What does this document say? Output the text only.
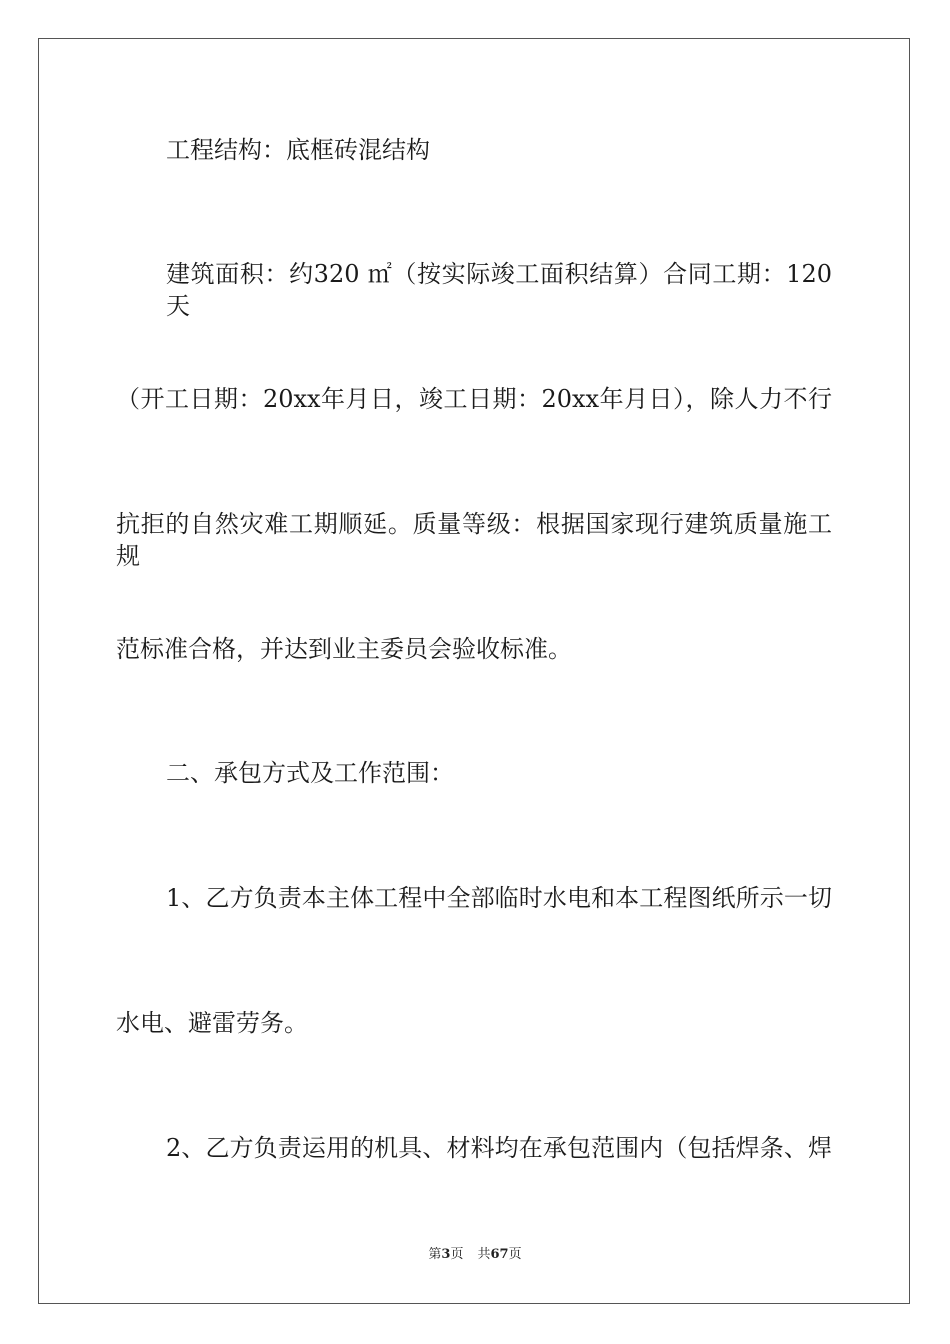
工程结构：底框砖混结构
建筑面积：约320 ㎡（按实际竣工面积结算）合同工期：120天
（开工日期：20xx年月日，竣工日期：20xx年月日），除人力不行
抗拒的自然灾难工期顺延。质量等级：根据国家现行建筑质量施工规
范标准合格，并达到业主委员会验收标准。
二、承包方式及工作范围：
1、乙方负责本主体工程中全部临时水电和本工程图纸所示一切
水电、避雷劳务。
2、乙方负责运用的机具、材料均在承包范围内（包括焊条、焊
第3页 共67页
